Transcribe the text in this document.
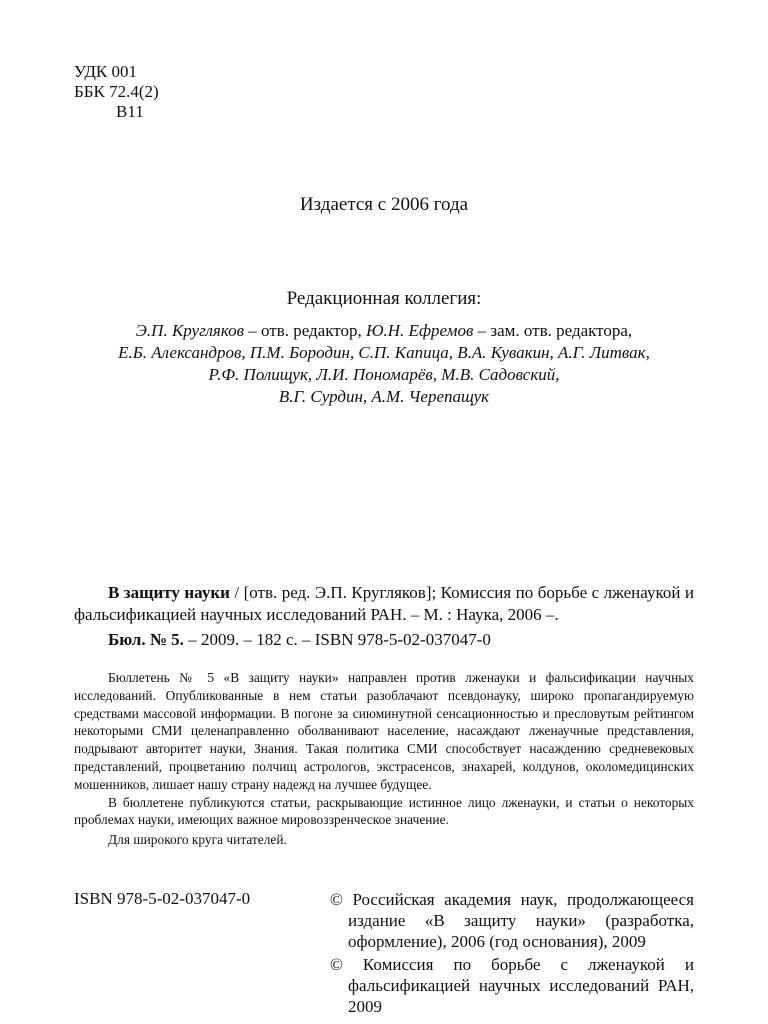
УДК 001
ББК 72.4(2)
В11
Издается с 2006 года
Редакционная коллегия:
Э.П. Кругляков – отв. редактор, Ю.Н. Ефремов – зам. отв. редактора,
Е.Б. Александров, П.М. Бородин, С.П. Капица, В.А. Кувакин, А.Г. Литвак,
Р.Ф. Полищук, Л.И. Пономарёв, М.В. Садовский,
В.Г. Сурдин, А.М. Черепащук
В защиту науки / [отв. ред. Э.П. Кругляков]; Комиссия по борьбе с лженаукой и фальсификацией научных исследований РАН. – М. : Наука, 2006 –.
Бюл. № 5. – 2009. – 182 с. – ISBN 978-5-02-037047-0

Бюллетень № 5 «В защиту науки» направлен против лженауки и фальсификации научных исследований. Опубликованные в нем статьи разоблачают псевдонауку, широко пропагандируемую средствами массовой информации. В погоне за сиюминутной сенсационностью и пресловутым рейтингом некоторыми СМИ целенаправленно оболванивают население, насаждают лженаучные представления, подрывают авторитет науки, Знания. Такая политика СМИ способствует насаждению средневековых представлений, процветанию полчищ астрологов, экстрасенсов, знахарей, колдунов, околомедицинских мошенников, лишает нашу страну надежд на лучшее будущее.

В бюллетене публикуются статьи, раскрывающие истинное лицо лженауки, и статьи о некоторых проблемах науки, имеющих важное мировоззренческое значение.

Для широкого круга читателей.

ISBN 978-5-02-037047-0	© Российская академия наук, продолжающееся издание «В защиту науки» (разработка, оформление), 2006 (год основания), 2009
© Комиссия по борьбе с лженаукой и фальсификацией научных исследований РАН, 2009
